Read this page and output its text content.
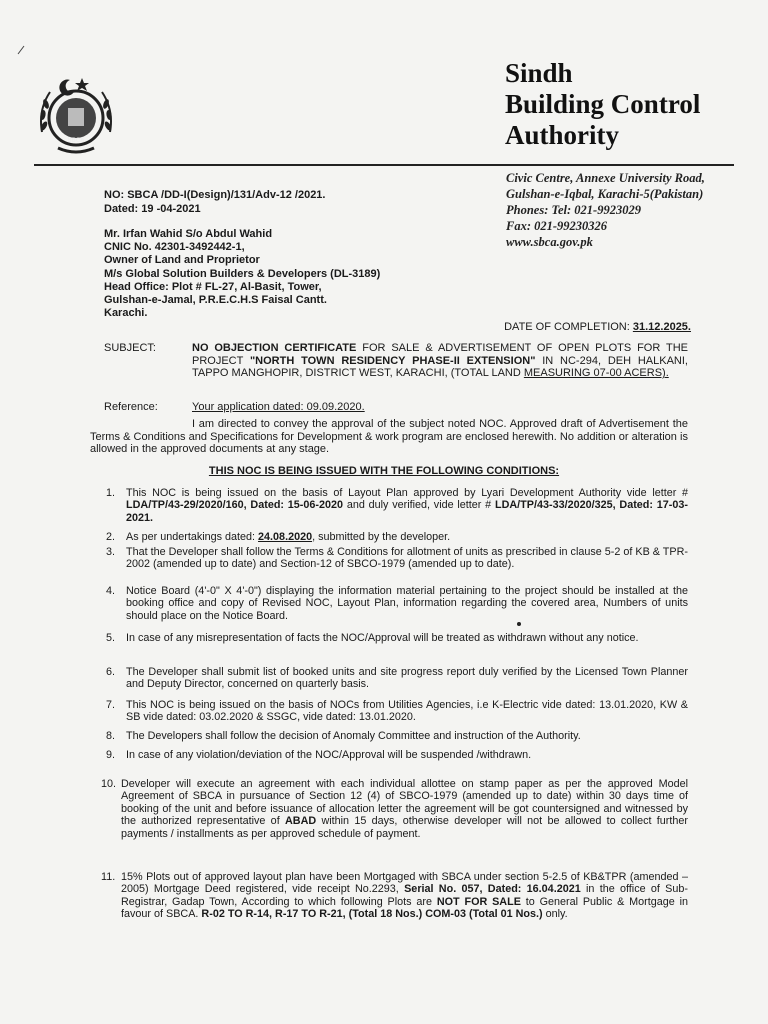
SBCA
Sindh
Building Control
Authority
Civic Centre, Annexe University Road,
Gulshan-e-Iqbal, Karachi-5(Pakistan)
Phones: Tel: 021-9923029
Fax: 021-99230326
www.sbca.gov.pk
NO: SBCA /DD-I(Design)/131/Adv-12 /2021.
Dated: 19 -04-2021
Mr. Irfan Wahid S/o Abdul Wahid
CNIC No. 42301-3492442-1,
Owner of Land and Proprietor
M/s Global Solution Builders & Developers (DL-3189)
Head Office: Plot # FL-27, Al-Basit, Tower,
Gulshan-e-Jamal, P.R.E.C.H.S Faisal Cantt.
Karachi.
DATE OF COMPLETION: 31.12.2025.
SUBJECT:	NO OBJECTION CERTIFICATE FOR SALE & ADVERTISEMENT OF OPEN PLOTS FOR THE PROJECT "NORTH TOWN RESIDENCY PHASE-II EXTENSION" IN NC-294, DEH HALKANI, TAPPO MANGHOPIR, DISTRICT WEST, KARACHI, (TOTAL LAND MEASURING 07-00 ACERS).
Reference:	Your application dated: 09.09.2020.
I am directed to convey the approval of the subject noted NOC. Approved draft of Advertisement the Terms & Conditions and Specifications for Development & work program are enclosed herewith. No addition or alteration is allowed in the approved documents at any stage.
THIS NOC IS BEING ISSUED WITH THE FOLLOWING CONDITIONS:
1. This NOC is being issued on the basis of Layout Plan approved by Lyari Development Authority vide letter # LDA/TP/43-29/2020/160, Dated: 15-06-2020 and duly verified, vide letter # LDA/TP/43-33/2020/325, Dated: 17-03-2021.
2. As per undertakings dated: 24.08.2020, submitted by the developer.
3. That the Developer shall follow the Terms & Conditions for allotment of units as prescribed in clause 5-2 of KB & TPR-2002 (amended up to date) and Section-12 of SBCO-1979 (amended up to date).
4. Notice Board (4'-0" X 4'-0") displaying the information material pertaining to the project should be installed at the booking office and copy of Revised NOC, Layout Plan, information regarding the covered area, Numbers of units should place on the Notice Board.
5. In case of any misrepresentation of facts the NOC/Approval will be treated as withdrawn without any notice.
6. The Developer shall submit list of booked units and site progress report duly verified by the Licensed Town Planner and Deputy Director, concerned on quarterly basis.
7. This NOC is being issued on the basis of NOCs from Utilities Agencies, i.e K-Electric vide dated: 13.01.2020, KW & SB vide dated: 03.02.2020 & SSGC, vide dated: 13.01.2020.
8. The Developers shall follow the decision of Anomaly Committee and instruction of the Authority.
9. In case of any violation/deviation of the NOC/Approval will be suspended /withdrawn.
10. Developer will execute an agreement with each individual allottee on stamp paper as per the approved Model Agreement of SBCA in pursuance of Section 12 (4) of SBCO-1979 (amended up to date) within 30 days time of booking of the unit and before issuance of allocation letter the agreement will be got countersigned and witnessed by the authorized representative of ABAD within 15 days, otherwise developer will not be allowed to collect further payments / installments as per approved schedule of payment.
11. 15% Plots out of approved layout plan have been Mortgaged with SBCA under section 5-2.5 of KB&TPR (amended – 2005) Mortgage Deed registered, vide receipt No.2293, Serial No. 057, Dated: 16.04.2021 in the office of Sub-Registrar, Gadap Town, According to which following Plots are NOT FOR SALE to General Public & Mortgage in favour of SBCA. R-02 TO R-14, R-17 TO R-21, (Total 18 Nos.) COM-03 (Total 01 Nos.) only.
